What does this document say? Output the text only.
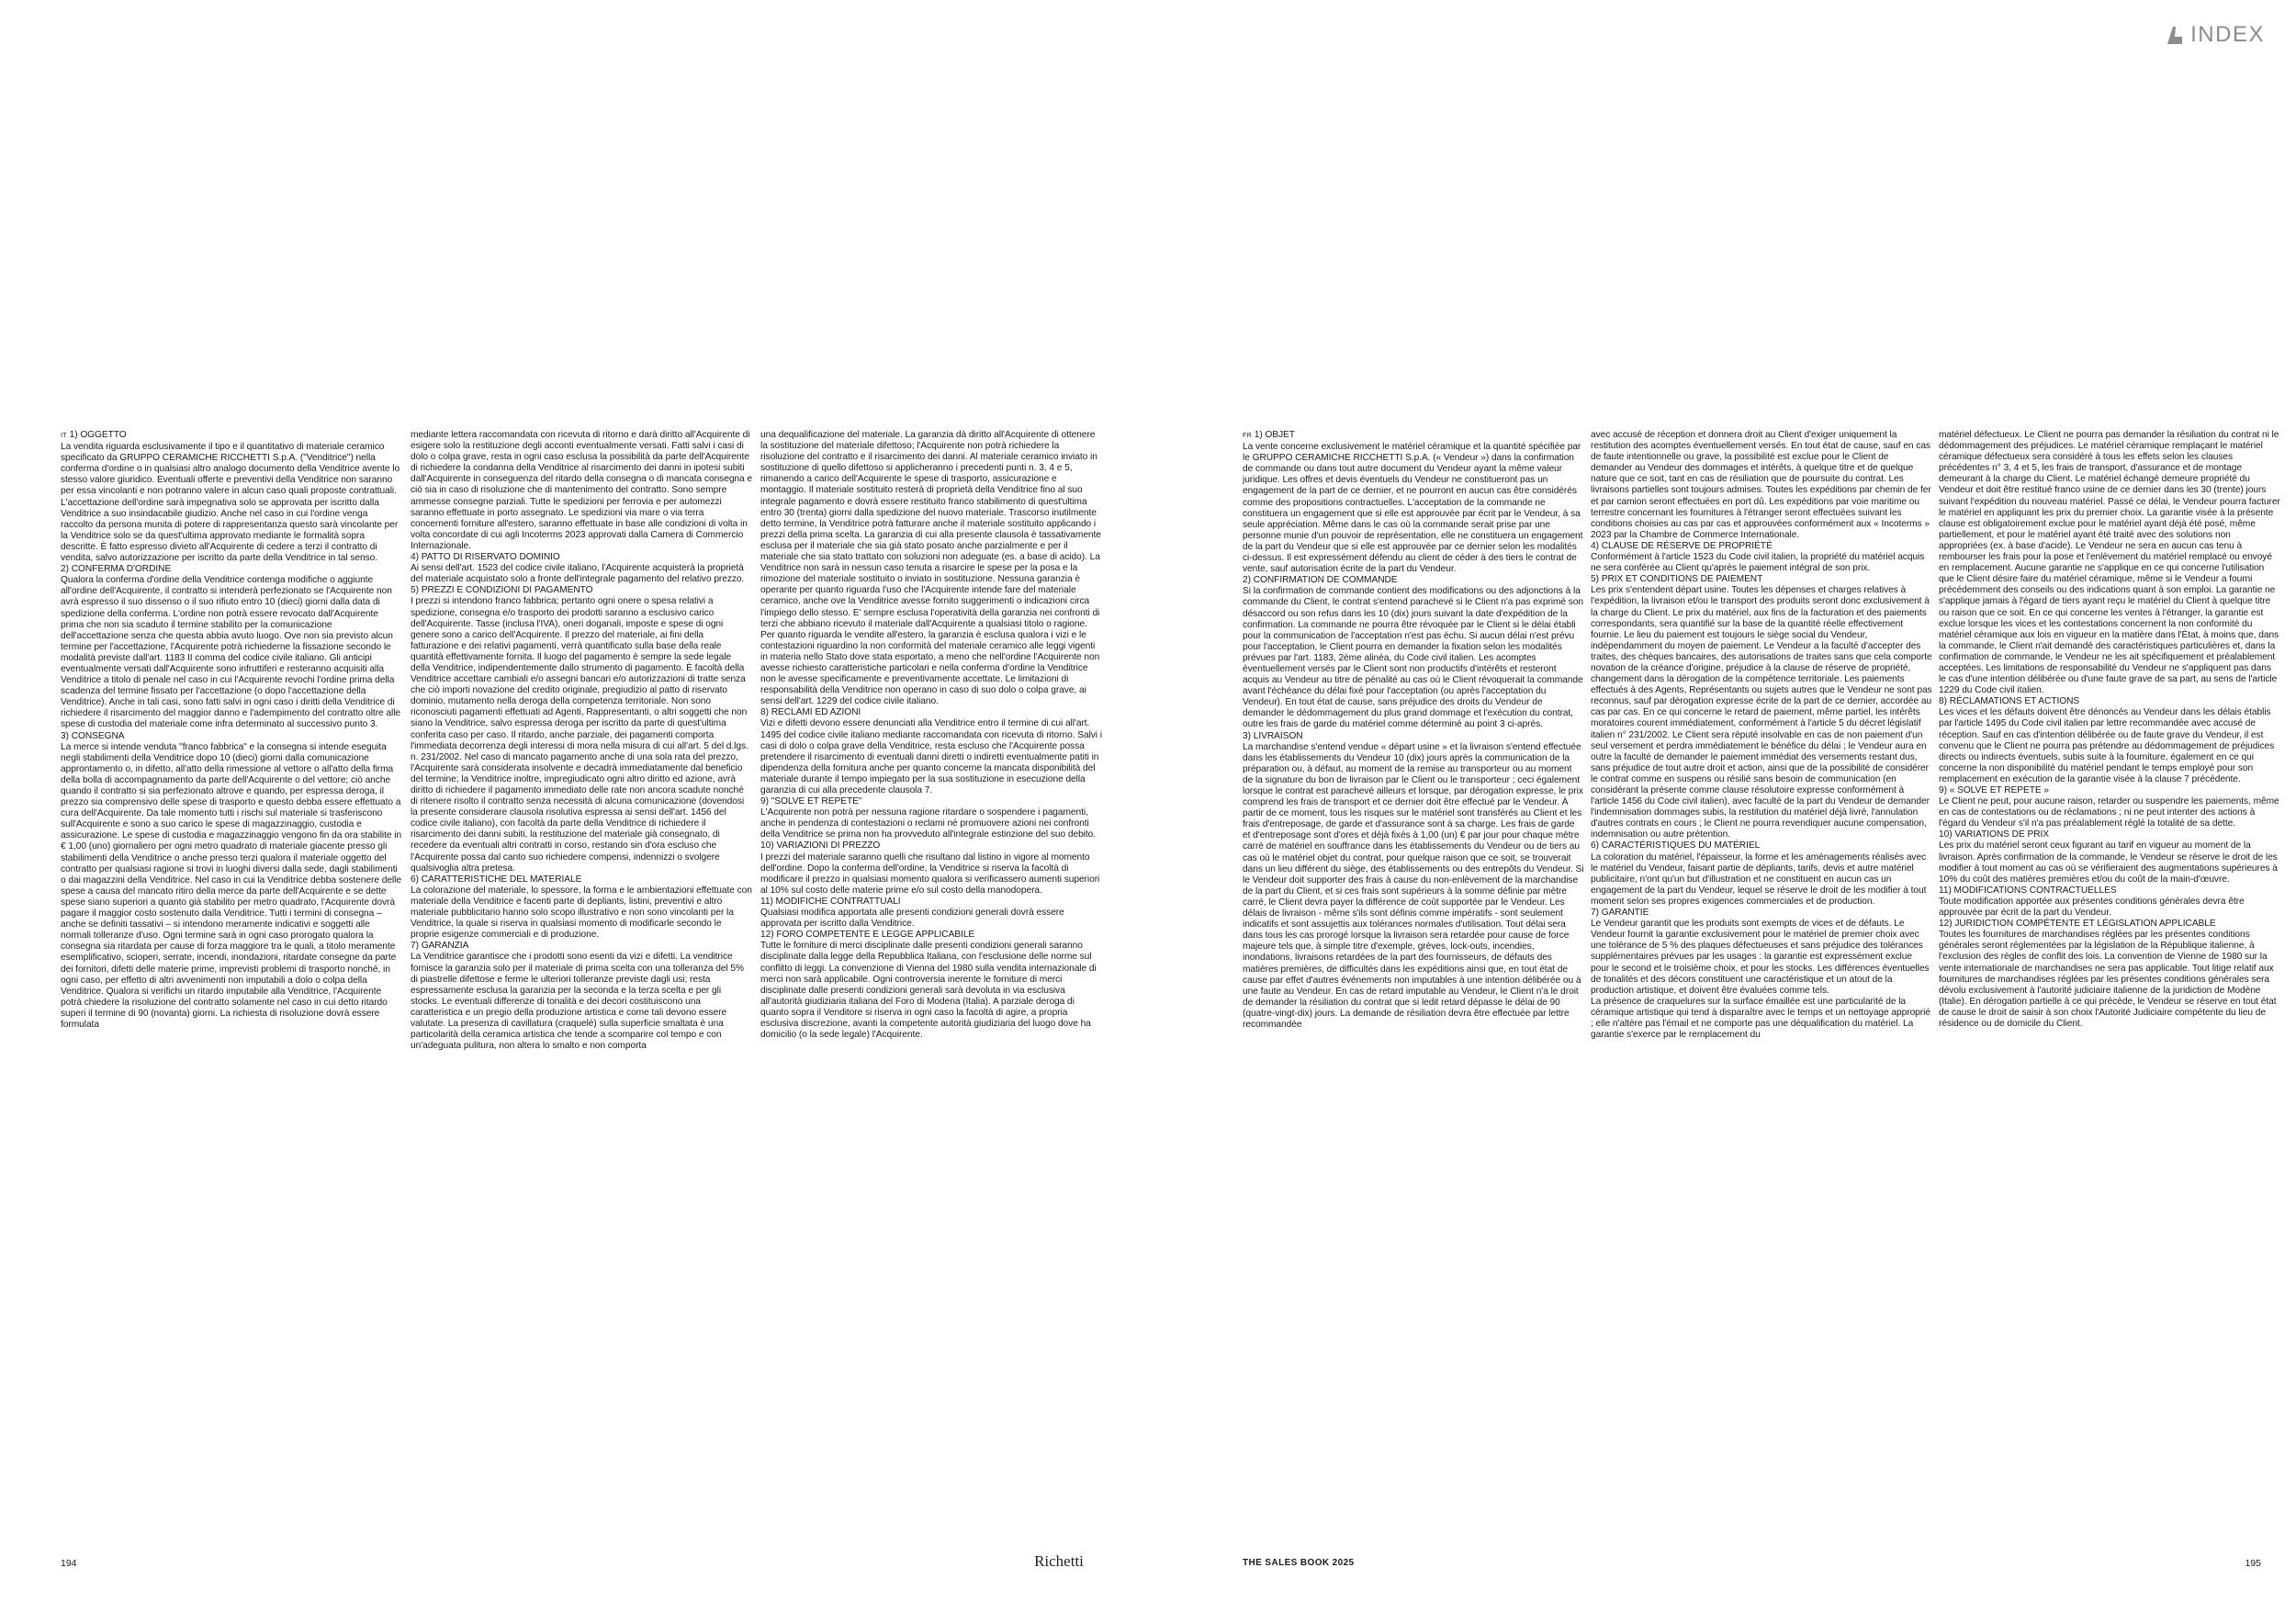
INDEX
IT 1) OGGETTO
La vendita riguarda esclusivamente il tipo e il quantitativo di materiale ceramico specificato da GRUPPO CERAMICHE RICCHETTI S.p.A. ("Venditrice") nella conferma d'ordine o in qualsiasi altro analogo documento della Venditrice avente lo stesso valore giuridico. Eventuali offerte e preventivi della Venditrice non saranno per essa vincolanti e non potranno valere in alcun caso quali proposte contrattuali. L'accettazione dell'ordine sarà impegnativa solo se approvata per iscritto dalla Venditrice a suo insindacabile giudizio. Anche nel caso in cui l'ordine venga raccolto da persona munita di potere di rappresentanza questo sarà vincolante per la Venditrice solo se da quest'ultima approvato mediante le formalità sopra descritte. È fatto espresso divieto all'Acquirente di cedere a terzi il contratto di vendita, salvo autorizzazione per iscritto da parte della Venditrice in tal senso.
2) CONFERMA D'ORDINE
Qualora la conferma d'ordine della Venditrice contenga modifiche o aggiunte all'ordine dell'Acquirente, il contratto si intenderà perfezionato se l'Acquirente non avrà espresso il suo dissenso o il suo rifiuto entro 10 (dieci) giorni dalla data di spedizione della conferma. L'ordine non potrà essere revocato dall'Acquirente prima che non sia scaduto il termine stabilito per la comunicazione dell'accettazione senza che questa abbia avuto luogo. Ove non sia previsto alcun termine per l'accettazione, l'Acquirente potrà richiederne la fissazione secondo le modalità previste dall'art. 1183 II comma del codice civile italiano. Gli anticipi eventualmente versati dall'Acquirente sono infruttiferi e resteranno acquisiti alla Venditrice a titolo di penale nel caso in cui l'Acquirente revochi l'ordine prima della scadenza del termine fissato per l'accettazione (o dopo l'accettazione della Venditrice). Anche in tali casi, sono fatti salvi in ogni caso i diritti della Venditrice di richiedere il risarcimento del maggior danno e l'adempimento del contratto oltre alle spese di custodia del materiale come infra determinato al successivo punto 3.
3) CONSEGNA
La merce si intende venduta "franco fabbrica" e la consegna si intende eseguita negli stabilimenti della Venditrice dopo 10 (dieci) giorni dalla comunicazione approntamento o, in difetto, all'atto della rimessione al vettore o all'atto della firma della bolla di accompagnamento da parte dell'Acquirente o del vettore; ciò anche quando il contratto si sia perfezionato altrove e quando, per espressa deroga, il prezzo sia comprensivo delle spese di trasporto e questo debba essere effettuato a cura dell'Acquirente. Da tale momento tutti i rischi sul materiale si trasferiscono sull'Acquirente e sono a suo carico le spese di magazzinaggio, custodia e assicurazione. Le spese di custodia e magazzinaggio vengono fin da ora stabilite in € 1,00 (uno) giornaliero per ogni metro quadrato di materiale giacente presso gli stabilimenti della Venditrice o anche presso terzi qualora il materiale oggetto del contratto per qualsiasi ragione si trovi in luoghi diversi dalla sede, dagli stabilimenti o dai magazzini della Venditrice. Nel caso in cui la Venditrice debba sostenere delle spese a causa del mancato ritiro della merce da parte dell'Acquirente e se dette spese siano superiori a quanto già stabilito per metro quadrato, l'Acquirente dovrà pagare il maggior costo sostenuto dalla Venditrice. Tutti i termini di consegna – anche se definiti tassativi – si intendono meramente indicativi e soggetti alle normali tolleranze d'uso. Ogni termine sarà in ogni caso prorogato qualora la consegna sia ritardata per cause di forza maggiore tra le quali, a titolo meramente esemplificativo, scioperi, serrate, incendi, inondazioni, ritardate consegne da parte dei fornitori, difetti delle materie prime, imprevisti problemi di trasporto nonché, in ogni caso, per effetto di altri avvenimenti non imputabili a dolo o colpa della Venditrice. Qualora si verifichi un ritardo imputabile alla Venditrice, l'Acquirente potrà chiedere la risoluzione del contratto solamente nel caso in cui detto ritardo superi il termine di 90 (novanta) giorni. La richiesta di risoluzione dovrà essere formulata
mediante lettera raccomandata con ricevuta di ritorno e darà diritto all'Acquirente di esigere solo la restituzione degli acconti eventualmente versati. Fatti salvi i casi di dolo o colpa grave, resta in ogni caso esclusa la possibilità da parte dell'Acquirente di richiedere la condanna della Venditrice al risarcimento dei danni in ipotesi subiti dall'Acquirente in conseguenza del ritardo della consegna o di mancata consegna e ciò sia in caso di risoluzione che di mantenimento del contratto. Sono sempre ammesse consegne parziali. Tutte le spedizioni per ferrovia e per automezzi saranno effettuate in porto assegnato. Le spedizioni via mare o via terra concernenti forniture all'estero, saranno effettuate in base alle condizioni di volta in volta concordate di cui agli Incoterms 2023 approvati dalla Camera di Commercio Internazionale.
4) PATTO DI RISERVATO DOMINIO
Ai sensi dell'art. 1523 del codice civile italiano, l'Acquirente acquisterà la proprietà del materiale acquistato solo a fronte dell'integrale pagamento del relativo prezzo.
5) PREZZI E CONDIZIONI DI PAGAMENTO
I prezzi si intendono franco fabbrica; pertanto ogni onere o spesa relativi a spedizione, consegna e/o trasporto dei prodotti saranno a esclusivo carico dell'Acquirente. Tasse (inclusa l'IVA), oneri doganali, imposte e spese di ogni genere sono a carico dell'Acquirente. Il prezzo del materiale, ai fini della fatturazione e dei relativi pagamenti, verrà quantificato sulla base della reale quantità effettivamente fornita. Il luogo del pagamento è sempre la sede legale della Venditrice, indipendentemente dallo strumento di pagamento. È facoltà della Venditrice accettare cambiali e/o assegni bancari e/o autorizzazioni di tratte senza che ciò importi novazione del credito originale, pregiudizio al patto di riservato dominio, mutamento nella deroga della competenza territoriale. Non sono riconosciuti pagamenti effettuati ad Agenti, Rappresentanti, o altri soggetti che non siano la Venditrice, salvo espressa deroga per iscritto da parte di quest'ultima conferita caso per caso. Il ritardo, anche parziale, dei pagamenti comporta l'immediata decorrenza degli interessi di mora nella misura di cui all'art. 5 del d.lgs. n. 231/2002. Nel caso di mancato pagamento anche di una sola rata del prezzo, l'Acquirente sarà considerata insolvente e decadrà immediatamente dal beneficio del termine; la Venditrice inoltre, impregiudicato ogni altro diritto ed azione, avrà diritto di richiedere il pagamento immediato delle rate non ancora scadute nonché di ritenere risolto il contratto senza necessità di alcuna comunicazione (dovendosi la presente considerare clausola risolutiva espressa ai sensi dell'art. 1456 del codice civile italiano), con facoltà da parte della Venditrice di richiedere il risarcimento dei danni subiti, la restituzione del materiale già consegnato, di recedere da eventuali altri contratti in corso, restando sin d'ora escluso che l'Acquirente possa dal canto suo richiedere compensi, indennizzi o svolgere qualsivoglia altra pretesa.
6) CARATTERISTICHE DEL MATERIALE
La colorazione del materiale, lo spessore, la forma e le ambientazioni effettuate con materiale della Venditrice e facenti parte di depliants, listini, preventivi e altro materiale pubblicitario hanno solo scopo illustrativo e non sono vincolanti per la Venditrice, la quale si riserva in qualsiasi momento di modificarle secondo le proprie esigenze commerciali e di produzione.
7) GARANZIA
La Venditrice garantisce che i prodotti sono esenti da vizi e difetti. La venditrice fornisce la garanzia solo per il materiale di prima scelta con una tolleranza del 5% di piastrelle difettose e ferme le ulteriori tolleranze previste dagli usi; resta espressamente esclusa la garanzia per la seconda e la terza scelta e per gli stocks. Le eventuali differenze di tonalità e dei decori costituiscono una caratteristica e un pregio della produzione artistica e come tali devono essere valutate. La presenza di cavillatura (craquelé) sulla superficie smaltata è una particolarità della ceramica artistica che tende a scomparire col tempo e con un'adeguata pulitura, non altera lo smalto e non comporta
una dequalificazione del materiale. La garanzia dà diritto all'Acquirente di ottenere la sostituzione del materiale difettoso; l'Acquirente non potrà richiedere la risoluzione del contratto e il risarcimento dei danni. Al materiale ceramico inviato in sostituzione di quello difettoso si applicheranno i precedenti punti n. 3, 4 e 5, rimanendo a carico dell'Acquirente le spese di trasporto, assicurazione e montaggio. Il materiale sostituito resterà di proprietà della Venditrice fino al suo integrale pagamento e dovrà essere restituito franco stabilimento di quest'ultima entro 30 (trenta) giorni dalla spedizione del nuovo materiale. Trascorso inutilmente detto termine, la Venditrice potrà fatturare anche il materiale sostituito applicando i prezzi della prima scelta. La garanzia di cui alla presente clausola è tassativamente esclusa per il materiale che sia già stato posato anche parzialmente e per il materiale che sia stato trattato con soluzioni non adeguate (es. a base di acido). La Venditrice non sarà in nessun caso tenuta a risarcire le spese per la posa e la rimozione del materiale sostituito o inviato in sostituzione. Nessuna garanzia è operante per quanto riguarda l'uso che l'Acquirente intende fare del materiale ceramico, anche ove la Venditrice avesse fornito suggerimenti o indicazioni circa l'impiego dello stesso. E' sempre esclusa l'operatività della garanzia nei confronti di terzi che abbiano ricevuto il materiale dall'Acquirente a qualsiasi titolo o ragione. Per quanto riguarda le vendite all'estero, la garanzia è esclusa qualora i vizi e le contestazioni riguardino la non conformità del materiale ceramico alle leggi vigenti in materia nello Stato dove stata esportato, a meno che nell'ordine l'Acquirente non avesse richiesto caratteristiche particolari e nella conferma d'ordine la Venditrice non le avesse specificamente e preventivamente accettate. Le limitazioni di responsabilità della Venditrice non operano in caso di suo dolo o colpa grave, ai sensi dell'art. 1229 del codice civile italiano.
8) RECLAMI ED AZIONI
Vizi e difetti devono essere denunciati alla Venditrice entro il termine di cui all'art. 1495 del codice civile italiano mediante raccomandata con ricevuta di ritorno. Salvi i casi di dolo o colpa grave della Venditrice, resta escluso che l'Acquirente possa pretendere il risarcimento di eventuali danni diretti o indiretti eventualmente patiti in dipendenza della fornitura anche per quanto concerne la mancata disponibilità del materiale durante il tempo impiegato per la sua sostituzione in esecuzione della garanzia di cui alla precedente clausola 7.
9) "SOLVE ET REPETE"
L'Acquirente non potrà per nessuna ragione ritardare o sospendere i pagamenti, anche in pendenza di contestazioni o reclami né promuovere azioni nei confronti della Venditrice se prima non ha provveduto all'integrale estinzione del suo debito.
10) VARIAZIONI DI PREZZO
I prezzi del materiale saranno quelli che risultano dal listino in vigore al momento dell'ordine. Dopo la conferma dell'ordine, la Venditrice si riserva la facoltà di modificare il prezzo in qualsiasi momento qualora si verificassero aumenti superiori al 10% sul costo delle materie prime e/o sul costo della manodopera.
11) MODIFICHE CONTRATTUALI
Qualsiasi modifica apportata alle presenti condizioni generali dovrà essere approvata per iscritto dalla Venditrice.
12) FORO COMPETENTE E LEGGE APPLICABILE
Tutte le forniture di merci disciplinate dalle presenti condizioni generali saranno disciplinate dalla legge della Repubblica Italiana, con l'esclusione delle norme sul conflitto di leggi. La convenzione di Vienna del 1980 sulla vendita internazionale di merci non sarà applicabile. Ogni controversia inerente le forniture di merci disciplinate dalle presenti condizioni generali sarà devoluta in via esclusiva all'autorità giudiziaria italiana del Foro di Modena (Italia). A parziale deroga di quanto sopra il Venditore si riserva in ogni caso la facoltà di agire, a propria esclusiva discrezione, avanti la competente autorità giudiziaria del luogo dove ha domicilio (o la sede legale) l'Acquirente.
FR 1) OBJET
La vente concerne exclusivement le matériel céramique et la quantité spécifiée par le GRUPPO CERAMICHE RICCHETTI S.p.A. (« Vendeur ») dans la confirmation de commande ou dans tout autre document du Vendeur ayant la même valeur juridique. Les offres et devis éventuels du Vendeur ne constitueront pas un engagement de la part de ce dernier, et ne pourront en aucun cas être considérés comme des propositions contractuelles. L'acceptation de la commande ne constituera un engagement que si elle est approuvée par écrit par le Vendeur, à sa seule appréciation. Même dans le cas où la commande serait prise par une personne munie d'un pouvoir de représentation, elle ne constituera un engagement de la part du Vendeur que si elle est approuvée par ce dernier selon les modalités ci-dessus. Il est expressément défendu au client de céder à des tiers le contrat de vente, sauf autorisation écrite de la part du Vendeur.
2) CONFIRMATION DE COMMANDE
Si la confirmation de commande contient des modifications ou des adjonctions à la commande du Client, le contrat s'entend parachevé si le Client n'a pas exprimé son désaccord ou son refus dans les 10 (dix) jours suivant la date d'expédition de la confirmation. La commande ne pourra être révoquée par le Client si le délai établi pour la communication de l'acceptation n'est pas échu. Si aucun délai n'est prévu pour l'acceptation, le Client pourra en demander la fixation selon les modalités prévues par l'art. 1183, 2ème alinéa, du Code civil italien. Les acomptes éventuellement versés par le Client sont non productifs d'intérêts et resteront acquis au Vendeur au titre de pénalité au cas où le Client révoquerait la commande avant l'échéance du délai fixé pour l'acceptation (ou après l'acceptation du Vendeur). En tout état de cause, sans préjudice des droits du Vendeur de demander le dédommagement du plus grand dommage et l'exécution du contrat, outre les frais de garde du matériel comme déterminé au point 3 ci-après.
3) LIVRAISON
La marchandise s'entend vendue « départ usine » et la livraison s'entend effectuée dans les établissements du Vendeur 10 (dix) jours après la communication de la préparation ou, à défaut, au moment de la remise au transporteur ou au moment de la signature du bon de livraison par le Client ou le transporteur ; ceci également lorsque le contrat est parachevé ailleurs et lorsque, par dérogation expresse, le prix comprend les frais de transport et ce dernier doit être effectué par le Vendeur. À partir de ce moment, tous les risques sur le matériel sont transférés au Client et les frais d'entreposage, de garde et d'assurance sont à sa charge. Les frais de garde et d'entreposage sont d'ores et déjà fixés à 1,00 (un) € par jour pour chaque mètre carré de matériel en souffrance dans les établissements du Vendeur ou de tiers au cas où le matériel objet du contrat, pour quelque raison que ce soit, se trouverait dans un lieu différent du siège, des établissements ou des entrepôts du Vendeur. Si le Vendeur doit supporter des frais à cause du non-enlèvement de la marchandise de la part du Client, et si ces frais sont supérieurs à la somme définie par mètre carré, le Client devra payer la différence de coût supportée par le Vendeur. Les délais de livraison - même s'ils sont définis comme impératifs - sont seulement indicatifs et sont assujettis aux tolérances normales d'utilisation. Tout délai sera dans tous les cas prorogé lorsque la livraison sera retardée pour cause de force majeure tels que, à simple titre d'exemple, grèves, lock-outs, incendies, inondations, livraisons retardées de la part des fournisseurs, de défauts des matières premières, de difficultés dans les expéditions ainsi que, en tout état de cause par effet d'autres événements non imputables à une intention délibérée ou à une faute au Vendeur. En cas de retard imputable au Vendeur, le Client n'a le droit de demander la résiliation du contrat que si ledit retard dépasse le délai de 90 (quatre-vingt-dix) jours. La demande de résiliation devra être effectuée par lettre recommandée
avec accusé de réception et donnera droit au Client d'exiger uniquement la restitution des acomptes éventuellement versés. En tout état de cause, sauf en cas de faute intentionnelle ou grave, la possibilité est exclue pour le Client de demander au Vendeur des dommages et intérêts, à quelque titre et de quelque nature que ce soit, tant en cas de résiliation que de poursuite du contrat. Les livraisons partielles sont toujours admises. Toutes les expéditions par chemin de fer et par camion seront effectuées en port dû. Les expéditions par voie maritime ou terrestre concernant les fournitures à l'étranger seront effectuées suivant les conditions choisies au cas par cas et approuvées conformément aux « Incoterms » 2023 par la Chambre de Commerce Internationale.
4) CLAUSE DE RÉSERVE DE PROPRIÉTÉ
Conformément à l'article 1523 du Code civil italien, la propriété du matériel acquis ne sera conférée au Client qu'après le paiement intégral de son prix.
5) PRIX ET CONDITIONS DE PAIEMENT
Les prix s'entendent départ usine. Toutes les dépenses et charges relatives à l'expédition, la livraison et/ou le transport des produits seront donc exclusivement à la charge du Client. Le prix du matériel, aux fins de la facturation et des paiements correspondants, sera quantifié sur la base de la quantité réelle effectivement fournie. Le lieu du paiement est toujours le siège social du Vendeur, indépendamment du moyen de paiement. Le Vendeur a la faculté d'accepter des traites, des chèques bancaires, des autorisations de traites sans que cela comporte novation de la créance d'origine, préjudice à la clause de réserve de propriété, changement dans la dérogation de la compétence territoriale. Les paiements effectués à des Agents, Représentants ou sujets autres que le Vendeur ne sont pas reconnus, sauf par dérogation expresse écrite de la part de ce dernier, accordée au cas par cas. En ce qui concerne le retard de paiement, même partiel, les intérêts moratoires courent immédiatement, conformément à l'article 5 du décret législatif italien n° 231/2002. Le Client sera réputé insolvable en cas de non paiement d'un seul versement et perdra immédiatement le bénéfice du délai ; le Vendeur aura en outre la faculté de demander le paiement immédiat des versements restant dus, sans préjudice de tout autre droit et action, ainsi que de la possibilité de considérer le contrat comme en suspens ou résilié sans besoin de communication (en considérant la présente comme clause résolutoire expresse conformément à l'article 1456 du Code civil italien), avec faculté de la part du Vendeur de demander l'indemnisation dommages subis, la restitution du matériel déjà livré, l'annulation d'autres contrats en cours ; le Client ne pourra revendiquer aucune compensation, indemnisation ou autre prétention.
6) CARACTÉRISTIQUES DU MATÉRIEL
La coloration du matériel, l'épaisseur, la forme et les aménagements réalisés avec le matériel du Vendeur, faisant partie de dépliants, tarifs, devis et autre matériel publicitaire, n'ont qu'un but d'illustration et ne constituent en aucun cas un engagement de la part du Vendeur, lequel se réserve le droit de les modifier à tout moment selon ses propres exigences commerciales et de production.
7) GARANTIE
Le Vendeur garantit que les produits sont exempts de vices et de défauts. Le Vendeur fournit la garantie exclusivement pour le matériel de premier choix avec une tolérance de 5 % des plaques défectueuses et sans préjudice des tolérances supplémentaires prévues par les usages : la garantie est expressément exclue pour le second et le troisième choix, et pour les stocks. Les différences éventuelles de tonalités et des décors constituent une caractéristique et un atout de la production artistique, et doivent être évaluées comme tels.
La présence de craquelures sur la surface émaillée est une particularité de la céramique artistique qui tend à disparaître avec le temps et un nettoyage approprié ; elle n'altère pas l'émail et ne comporte pas une déqualification du matériel. La garantie s'exerce par le remplacement du
matériel défectueux. Le Client ne pourra pas demander la résiliation du contrat ni le dédommagement des préjudices. Le matériel céramique remplaçant le matériel céramique défectueux sera considéré à tous les effets selon les clauses précédentes n° 3, 4 et 5, les frais de transport, d'assurance et de montage demeurant à la charge du Client. Le matériel échangé demeure propriété du Vendeur et doit être restitué franco usine de ce dernier dans les 30 (trente) jours suivant l'expédition du nouveau matériel. Passé ce délai, le Vendeur pourra facturer le matériel en appliquant les prix du premier choix. La garantie visée à la présente clause est obligatoirement exclue pour le matériel ayant déjà été posé, même partiellement, et pour le matériel ayant été traité avec des solutions non appropriées (ex. à base d'acide). Le Vendeur ne sera en aucun cas tenu à rembourser les frais pour la pose et l'enlèvement du matériel remplacé ou envoyé en remplacement. Aucune garantie ne s'applique en ce qui concerne l'utilisation que le Client désire faire du matériel céramique, même si le Vendeur a fourni précédemment des conseils ou des indications quant à son emploi. La garantie ne s'applique jamais à l'égard de tiers ayant reçu le matériel du Client à quelque titre ou raison que ce soit. En ce qui concerne les ventes à l'étranger, la garantie est exclue lorsque les vices et les contestations concernent la non conformité du matériel céramique aux lois en vigueur en la matière dans l'État, à moins que, dans la commande, le Client n'ait demandé des caractéristiques particulières et, dans la confirmation de commande, le Vendeur ne les ait spécifiquement et préalablement acceptées. Les limitations de responsabilité du Vendeur ne s'appliquent pas dans le cas d'une intention délibérée ou d'une faute grave de sa part, au sens de l'article 1229 du Code civil italien.
8) RÉCLAMATIONS ET ACTIONS
Les vices et les défauts doivent être dénoncés au Vendeur dans les délais établis par l'article 1495 du Code civil italien par lettre recommandée avec accusé de réception. Sauf en cas d'intention délibérée ou de faute grave du Vendeur, il est convenu que le Client ne pourra pas prétendre au dédommagement de préjudices directs ou indirects éventuels, subis suite à la fourniture, également en ce qui concerne la non disponibilité du matériel pendant le temps employé pour son remplacement en exécution de la garantie visée à la clause 7 précédente.
9) « SOLVE ET REPETE »
Le Client ne peut, pour aucune raison, retarder ou suspendre les paiements, même en cas de contestations ou de réclamations ; ni ne peut intenter des actions à l'égard du Vendeur s'il n'a pas préalablement réglé la totalité de sa dette.
10) VARIATIONS DE PRIX
Les prix du matériel seront ceux figurant au tarif en vigueur au moment de la livraison. Après confirmation de la commande, le Vendeur se réserve le droit de les modifier à tout moment au cas où se vérifieraient des augmentations supérieures à 10% du coût des matières premières et/ou du coût de la main-d'œuvre.
11) MODIFICATIONS CONTRACTUELLES
Toute modification apportée aux présentes conditions générales devra être approuvée par écrit de la part du Vendeur.
12) JURIDICTION COMPÉTENTE ET LÉGISLATION APPLICABLE
Toutes les fournitures de marchandises réglées par les présentes conditions générales seront réglementées par la législation de la République italienne, à l'exclusion des règles de conflit des lois. La convention de Vienne de 1980 sur la vente internationale de marchandises ne sera pas applicable. Tout litige relatif aux fournitures de marchandises réglées par les présentes conditions générales sera dévolu exclusivement à l'autorité judiciaire italienne de la juridiction de Modène (Italie). En dérogation partielle à ce qui précède, le Vendeur se réserve en tout état de cause le droit de saisir à son choix l'Autorité Judiciaire compétente du lieu de résidence ou de domicile du Client.
194	Richetti	THE SALES BOOK 2025	195
